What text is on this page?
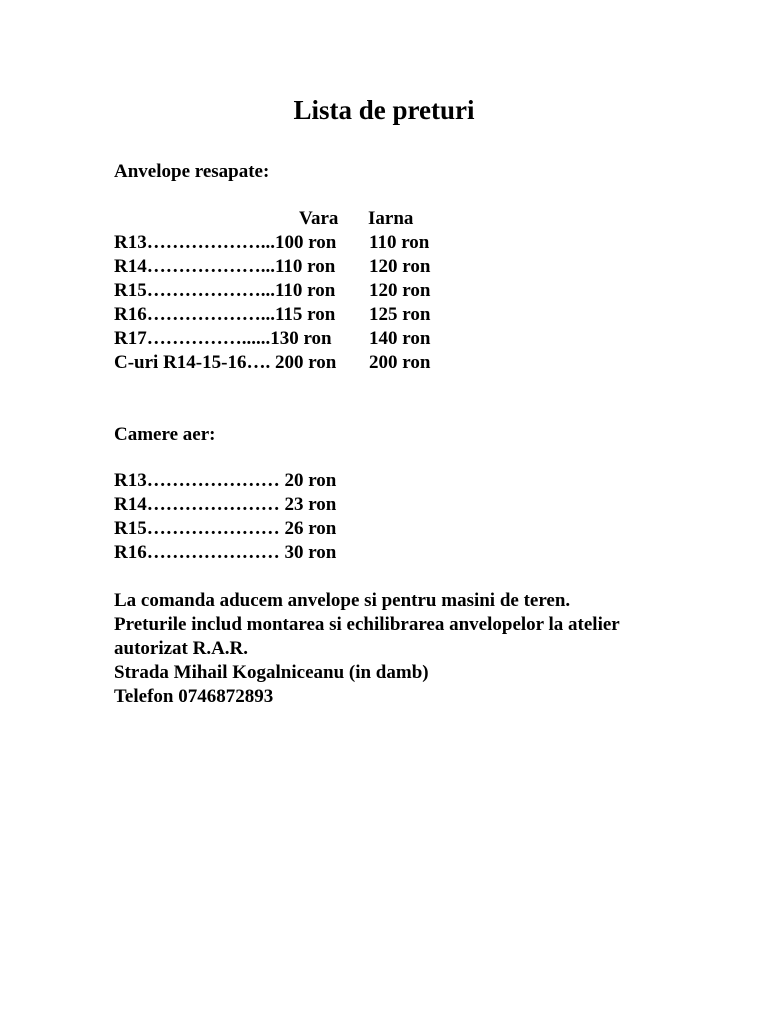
Lista de preturi
Anvelope resapate:
Vara Iarna
R13………………...100 ron 110 ron
R14………………...110 ron 120 ron
R15………………...110 ron 120 ron
R16………………...115 ron 125 ron
R17……………......130 ron 140 ron
C-uri R14-15-16…. 200 ron 200 ron
Camere aer:
R13………………… 20 ron
R14………………… 23 ron
R15………………… 26 ron
R16………………… 30 ron
La comanda aducem anvelope si pentru masini de teren.
Preturile includ montarea si echilibrarea anvelopelor la atelier
autorizat R.A.R.
Strada Mihail Kogalniceanu (in damb)
Telefon 0746872893
